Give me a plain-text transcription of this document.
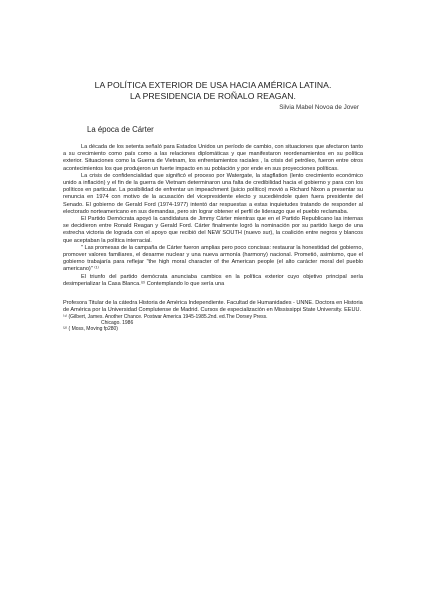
LA POLÍTICA EXTERIOR DE USA HACIA AMÉRICA LATINA.
LA PRESIDENCIA DE ROÑALO REAGAN.
Silvia Mabel Novoa de Jover
La época de Cárter

La década de los setenta señaló para Estados Unidos un período de cambio, con situaciones que afectaron tanto a su crecimiento como país como a las relaciones diplomáticas y que manifestaron reordenamientos en su política exterior. Situaciones como la Guerra de Vietnam, los enfrentamientos raciales , la crisis del petróleo, fueron entre otros acontecimientos los que produjeron un fuerte impacto en su población y por ende en sus proyecciones políticas.

La crisis de confidencialidad que significó el proceso por Watergate, la stagflation (lento crecimiento económico unido a inflación) y el fin de la guerra de Vietnam determinaron una falta de credibilidad hacia el gobierno y para con los políticos en particular. La posibilidad de enfrentar un impeachment (juicio político) movió a Richard Nixon a presentar su renuncia en 1974 con motivo de la acusación del vicepresidente electo y sucediéndole quien fuera presidente del Senado. El gobierno de Gerald Ford (1974-1977) intentó dar respuestas a estas inquietudes tratando de responder al electorado norteamericano en sus demandas, pero sin lograr obtener el perfil de liderazgo que el pueblo reclamaba.

El Partido Demócrata apoyó la candidatura de Jimmy Cárter mientras que en el Partido Republicano las internas se decidieron entre Ronald Reagan y Gerald Ford. Cárter finalmente logró la nominación por su partido luego de una estrecha victoria de lograda con el apoyo que recibió del NEW SOUTH (nuevo sur), la coalición entre negros y blancos que aceptaban la política interracial.

" Las promesas de la campaña de Cárter fueron amplias pero poco concisas: restaurar la honestidad del gobierno, promover valores familiares, el desarme nuclear y una nueva armonía (harmony) nacional. Prometió, asimismo, que el gobierno trabajaría para reflejar "the high moral character of the American people (el alto carácter moral del pueblo americano)" ⁽¹⁾

El triunfo del partido demócrata anunciaba cambios en la política exterior cuyo objetivo principal sería desimperializar la Casa Blanca.⁽²⁾ Contemplando lo que sería una

Profesora Titular de la cátedra Historia de América Independiente. Facultad de Humanidades - UNNE. Doctora en Historia de América por la Universidad Complutense de Madrid. Cursos de especialización en Mississippi State University. EEUU.

⁽¹⁾ (Gilbert, James. Another Chance. Postwar America 1945-1985.2nd. ed.The Dorsey Press.

Chicago. 1986

⁽²⁾ ( Moss, Moving fp280)
